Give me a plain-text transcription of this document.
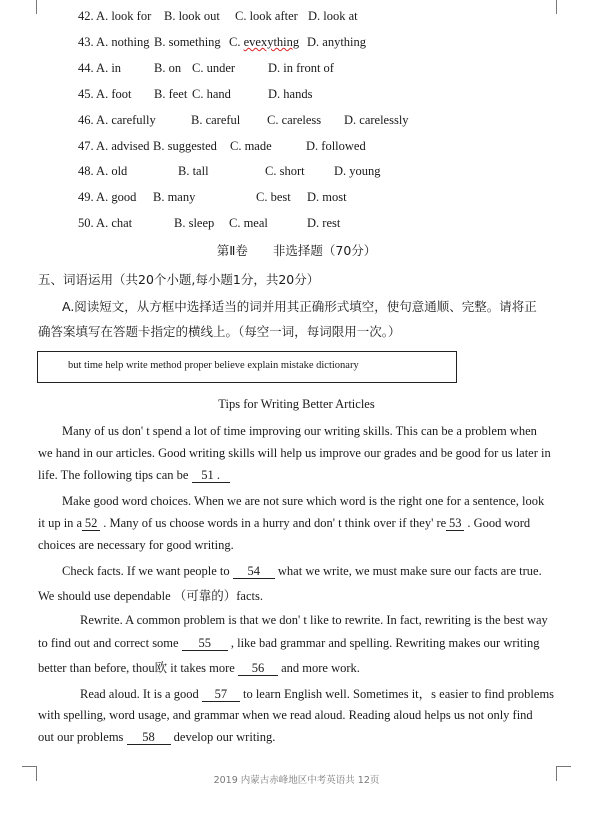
42. A. look for B. look out C. look after D. look at
43. A. nothing B. something C. evexything D. anything
44. A. in	B. on C. under	D. in front of
45. A. foot B. feet C. hand	D. hands
46. A. carefully	B. careful C. careless D. carelessly
47. A. advised B. suggested C. made	D. followed
48. A. old	B. tall	C. short D. young
49. A. good B. many	C. best D. most
50. A. chat	B. sleep C. meal	D. rest
第Ⅱ卷　　非选择题（70分）
五、词语运用（共20个小题,每小题1分，共20分）
A.阅读短文，从方框中选择适当的词并用其正确形式填空，使句意通顺、完整。请将正
确答案填写在答题卡指定的横线上。（每空一词，每词限用一次。）
but time help write method proper believe explain mistake dictionary
Tips for Writing Better Articles
Many of us don' t spend a lot of time improving our writing skills. This can be a problem when
we hand in our articles. Good writing skills will help us improve our grades and be good for us later in
life. The following tips can be 51 .
Make good word choices. When we are not sure which word is the right one for a sentence, look
it up in a 52 . Many of us choose words in a hurry and don' t think over if they' re 53 . Good word
choices are necessary for good writing.
Check facts. If we want people to 54 what we write, we must make sure our facts are true.
We should use dependable （可靠的）facts.
Rewrite. A common problem is that we don' t like to rewrite. In fact, rewriting is the best way
to find out and correct some 55 , like bad grammar and spelling. Rewriting makes our writing
better than before, thou欧 it takes more 56 and more work.
Read aloud. It is a good 57 to learn English well. Sometimes it，s easier to find problems
with spelling, word usage, and grammar when we read aloud. Reading aloud helps us not only find
out our problems 58 develop our writing.
2019 内蒙古赤峰地区中考英语共 12页
